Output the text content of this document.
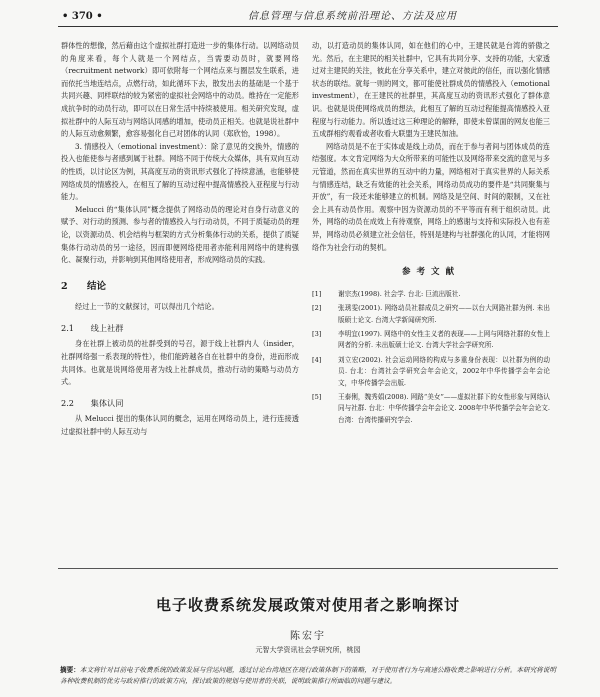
• 370 •	信息管理与信息系统前沿理论、方法及应用

群体性的想像，然后藉由这个虚拟社群打造进一步的集体行动。以网络动员的角度来看，每个人就是一个网结点，当需要动员时，就要网络（recruitment network）即可依附每一个网结点来与圈层发生联系，进而依托当地连结点，点燃行动，如此循环下去，散发出去的基础是一个基于共同兴趣、同样联结的较为紧密的虚拟社会网络中的动员。维持在一定能形成抗争时的动员行动，即可以在日常生活中持续被使用。相关研究发现，虚拟社群中的人际互动与网络认同感的增加，使动员正相关。也就是说社群中的人际互动愈频繁，愈容易强化自己对团体的认同（郑欣怡，1998）。

3. 情感投入（emotional investment）：除了意见的交换外，情感的投入也能使参与者感到属于社群。网络不同于传统大众媒体，具有双向互动的性质，以讨论区为例，其高度互动的资讯形式强化了持续意涵，也能够使网络成员的情感投入，在相互了解的互动过程中提高情感投入亚程度与行动能力。

Melucci 的“集体认同”概念提供了网络动员的理论对自身行动意义的赋予、对行动的预测、参与者的情感投入与行动动员，不同于质疑动员的理论，以资源动员、机会结构与框架的方式分析集体行动的关系，提供了质疑集体行动动员的另一途径，因而即便网络使用者亦能利用网络中的建构强化、凝聚行动，并影响到其他网络使用者，形成网络动员的实践。

2 结论

经过上一节的文献探讨，可以得出几个结论。

2.1 线上社群

身在社群上被动员的社群受到的号召，源于线上社群内人（insider，社群网络强一系表现的特性），他们能跨越各自在社群中的身份，进而形成共同体。也就是说网络使用者为线上社群成员，推动行动的策略与动员方式。

2.2 集体认同

从 Melucci 提出的集体认同的概念，运用在网络动员上，进行连接透过虚拟社群中的人际互动与

动，以打造动员的集体认同，如在他们的心中，王建民就是台湾的骄傲之光。然后，在主建民的相关社群中，它具有共同分享、支持的功能，大家透过对主建民的关注，彼此在分享关系中，建立对彼此的信任，而以强化情感状态的联结。就每一则的网文，都可能使社群成员的情感投入（emotional investment），在王建民的社群里，其高度互动的资讯形式强化了群体意识。也就是说使网络成员的想法，此相互了解的互动过程能提高情感投入亚程度与行动能力。所以透过这三种理论的解释，即使未曾谋面的网友也能三五成群相约观看或者收看大联盟为王建民加油。

网络动员是不在于实体或是线上动员，而在于参与者间与团体成员的连结强度。本文肯定网络为大众所带来的可能性以及网络带来交流的意见与多元管道，然而在真实世界的互动中的力量，网络相对于真实世界的人际关系与情感连结，缺乏有效能的社会关系，网络动员成功的要件是“共同聚集与开放”，有一段还未能够建立的机制。网络及是空间、时间的限制，又在社会上具有动员作用。观察中因为资源动员的不平等而有利于组织动员。此外，网络的动员在成效上有待观察，网络上的感谢与支持和实际投入也有差异，网络动员必须建立社会信任，特别是建构与社群强化的认同，才能将网络作为社会行动的契机。

参考文献
[1]	谢宗杰(1998). 社会学. 台北: 巨流出版社.
[2]	张琇雯(2001). 网络动员社群成员之研究——以台大网路社群为例. 未出版硕士论文. 台湾大学新闻研究所.
[3]	李明宜(1997). 网络中的女性主义者的表现——上网与网络社群的女性上网者的分析. 未出版硕士论文. 台湾大学社会学研究所.
[4]	刘立宏(2002). 社会运动网络的构成与多重身份表现：以社群为例的动员. 台北：台湾社会学研究会年会论文，2002年中华传播学会年会论文，中华传播学会出版.
[5]	王泰俐，魏秀娟(2008). 网路“美女”——虚拟社群下的女性形象与网络认同与社群. 台北：中华传播学会年会论文. 2008年中华传播学会年会论文. 台湾：台湾传播研究学会.
电子收费系统发展政策对使用者之影响探讨
陈宏宇
元智大学资讯社会学研究所，桃园
摘要：本文将针对目前电子收费系统的政策发展与营运问题，透过讨论台湾地区在现行政策体制下的策略，对于使用者行为与高速公路收费之影响进行分析。本研究将说明各种收费机制的优劣与政府推行的政策方向，探讨政策的规划与使用者的关联，说明政策推行所面临的问题与建议。
